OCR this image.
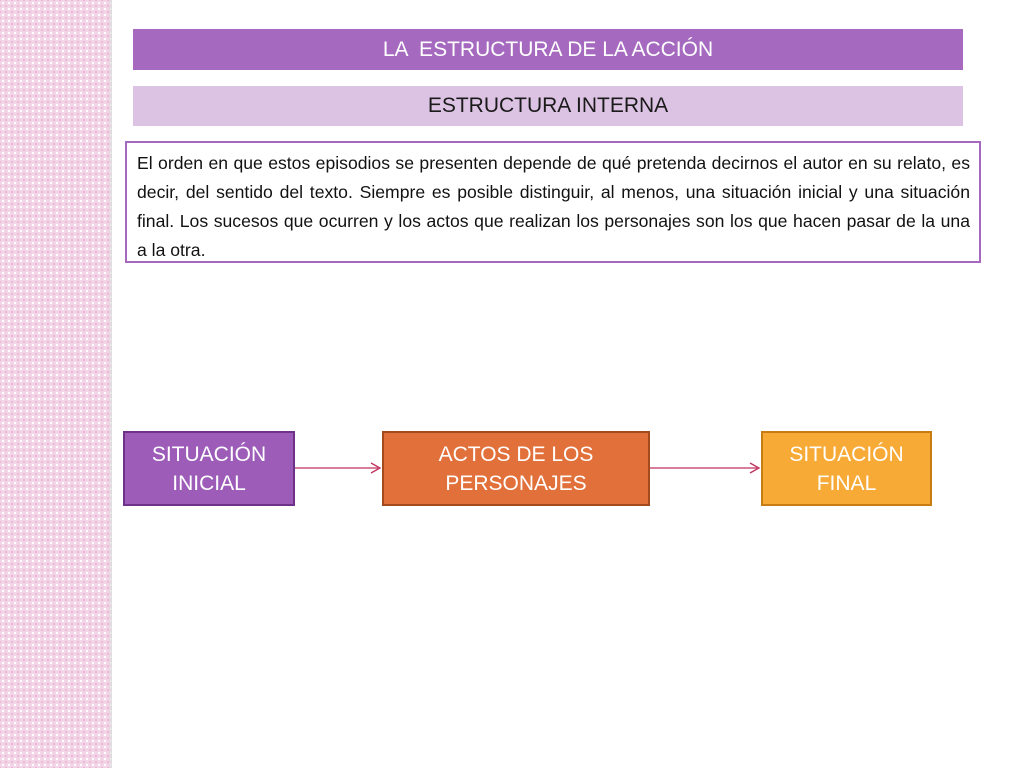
LA  ESTRUCTURA DE LA ACCIÓN
ESTRUCTURA INTERNA

El orden en que estos episodios se presenten depende de qué pretenda decirnos el autor en su relato, es decir, del sentido del texto. Siempre es posible distinguir, al menos, una situación inicial y una situación final. Los sucesos que ocurren y los actos que realizan los personajes son los que hacen pasar de la una a la otra.

SITUACIÓN
INICIAL
ACTOS DE LOS
PERSONAJES
SITUACIÓN
FINAL
